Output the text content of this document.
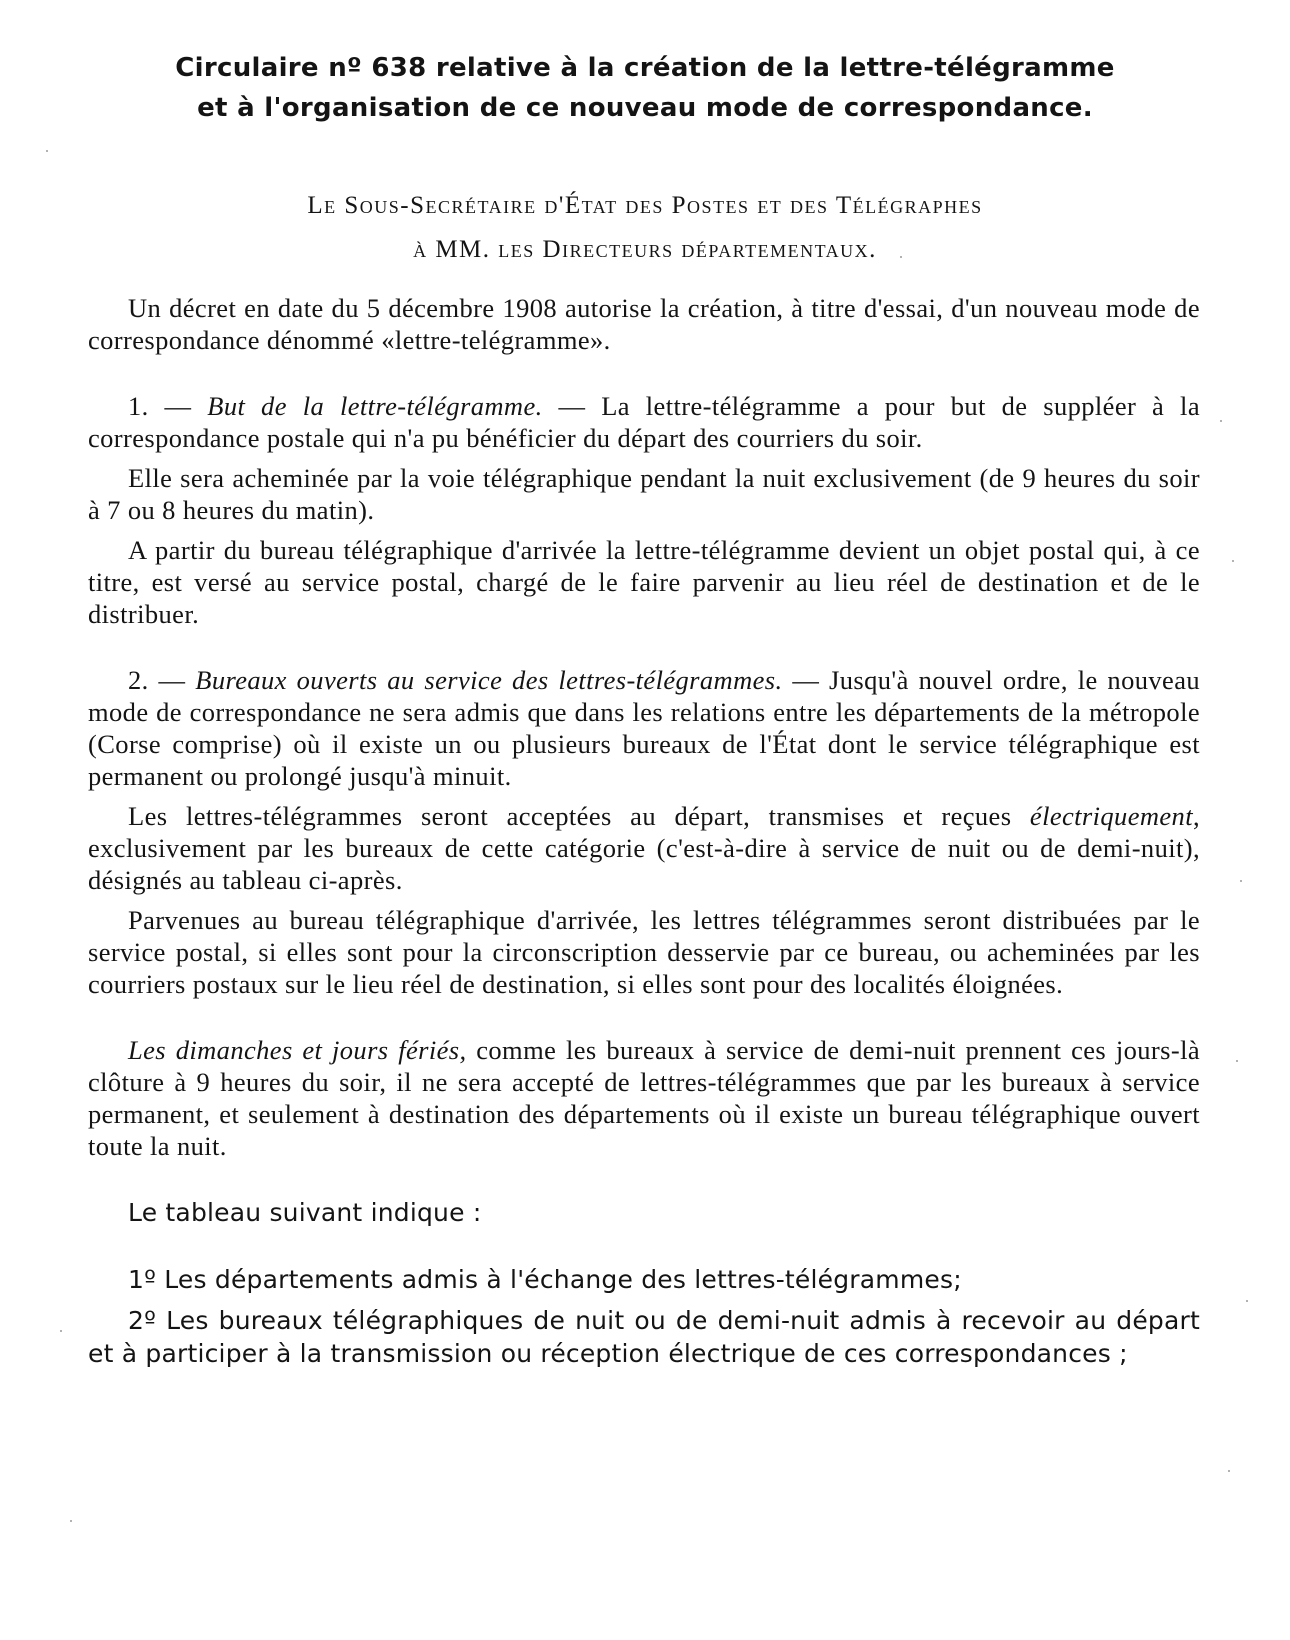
Circulaire nº 638 relative à la création de la lettre-télégramme
et à l'organisation de ce nouveau mode de correspondance.
Le Sous-Secrétaire d'État des Postes et des Télégraphes
à MM. les Directeurs départementaux.

Un décret en date du 5 décembre 1908 autorise la création, à titre d'essai, d'un nouveau mode de correspondance dénommé «lettre-telégramme».

1. — But de la lettre-télégramme. — La lettre-télégramme a pour but de suppléer à la correspondance postale qui n'a pu bénéficier du départ des courriers du soir.

Elle sera acheminée par la voie télégraphique pendant la nuit exclusivement (de 9 heures du soir à 7 ou 8 heures du matin).

A partir du bureau télégraphique d'arrivée la lettre-télégramme devient un objet postal qui, à ce titre, est versé au service postal, chargé de le faire parvenir au lieu réel de destination et de le distribuer.

2. — Bureaux ouverts au service des lettres-télégrammes. — Jusqu'à nouvel ordre, le nouveau mode de correspondance ne sera admis que dans les relations entre les départements de la métropole (Corse comprise) où il existe un ou plusieurs bureaux de l'État dont le service télégraphique est permanent ou prolongé jusqu'à minuit.

Les lettres-télégrammes seront acceptées au départ, transmises et reçues électriquement, exclusivement par les bureaux de cette catégorie (c'est-à-dire à service de nuit ou de demi-nuit), désignés au tableau ci-après.

Parvenues au bureau télégraphique d'arrivée, les lettres télégrammes seront distribuées par le service postal, si elles sont pour la circonscription desservie par ce bureau, ou acheminées par les courriers postaux sur le lieu réel de destination, si elles sont pour des localités éloignées.

Les dimanches et jours fériés, comme les bureaux à service de demi-nuit prennent ces jours-là clôture à 9 heures du soir, il ne sera accepté de lettres-télégrammes que par les bureaux à service permanent, et seulement à destination des départements où il existe un bureau télégraphique ouvert toute la nuit.

Le tableau suivant indique :

1º Les départements admis à l'échange des lettres-télégrammes;

2º Les bureaux télégraphiques de nuit ou de demi-nuit admis à recevoir au départ et à participer à la transmission ou réception électrique de ces correspondances ;
